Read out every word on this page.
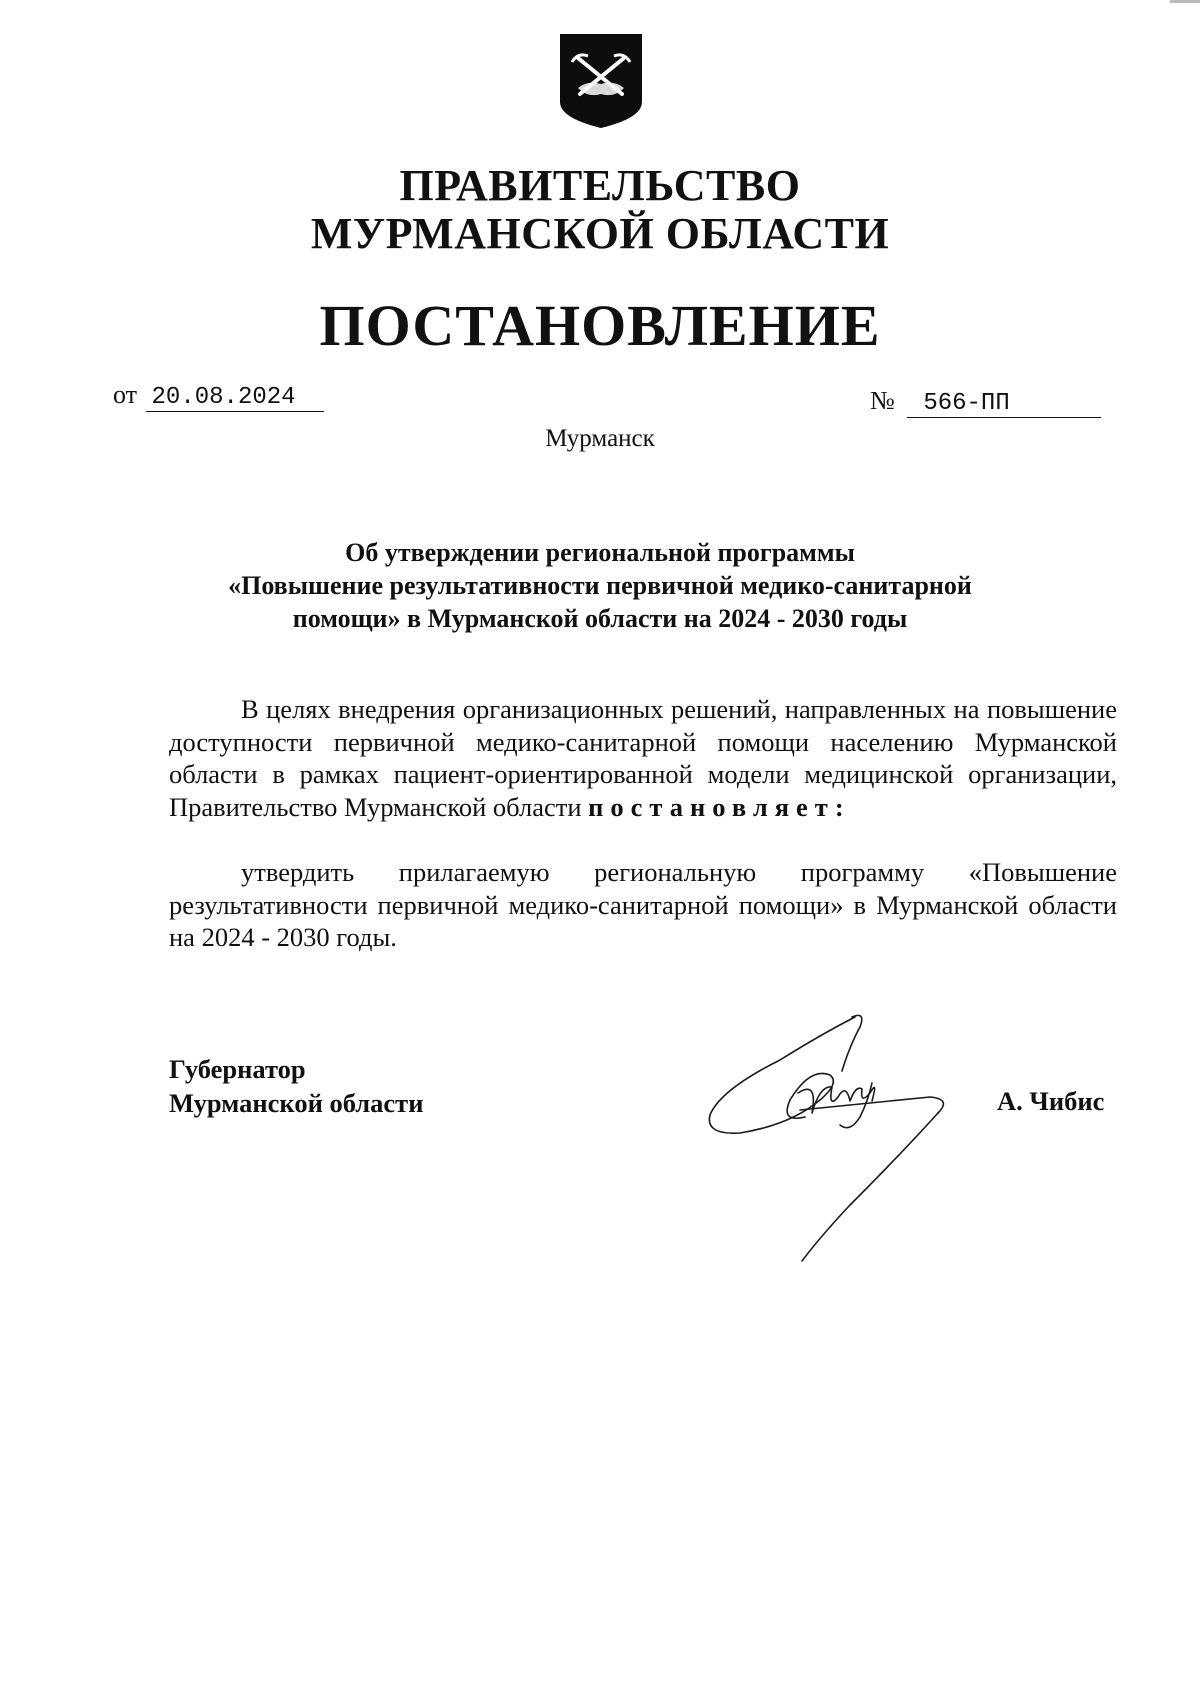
ПРАВИТЕЛЬСТВО
МУРМАНСКОЙ ОБЛАСТИ
ПОСТАНОВЛЕНИЕ
от 20.08.2024	№ 566-ПП
Мурманск
Об утверждении региональной программы
«Повышение результативности первичной медико-санитарной
помощи» в Мурманской области на 2024 - 2030 годы
В целях внедрения организационных решений, направленных на повышение доступности первичной медико-санитарной помощи населению Мурманской области в рамках пациент-ориентированной модели медицинской организации, Правительство Мурманской области постановляет:
утвердить прилагаемую региональную программу «Повышение результативности первичной медико-санитарной помощи» в Мурманской области на 2024 - 2030 годы.
Губернатор
Мурманской области	А. Чибис
